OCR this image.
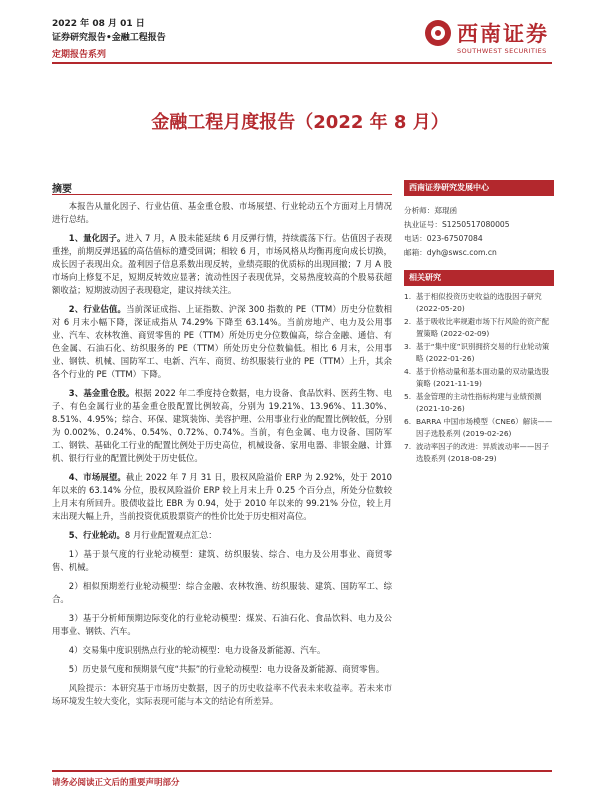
2022 年 08 月 01 日
证券研究报告•金融工程报告
定期报告系列
西南证券
SOUTHWEST SECURITIES
金融工程月度报告（2022 年 8 月）
摘要

本报告从量化因子、行业估值、基金重仓股、市场展望、行业轮动五个方面对上月情况进行总结。

1、量化因子。进入 7 月，A 股未能延续 6 月反弹行情，持续震荡下行。估值因子表现重挫，前期反弹迅猛的高估值标的遭受回调；相较 6 月，市场风格从均衡再度向成长切换，成长因子表现出众。盈利因子信息系数出现反转，业绩亮眼的优质标的出现回撤；7 月 A 股市场向上修复不足，短期反转效应显著；流动性因子表现优异，交易热度较高的个股易获超额收益；短期波动因子表现稳定，建议持续关注。

2、行业估值。当前深证成指、上证指数、沪深 300 指数的 PE（TTM）历史分位数相对 6 月末小幅下降，深证成指从 74.29% 下降至 63.14%。当前房地产、电力及公用事业、汽车、农林牧渔、商贸零售的 PE（TTM）所处历史分位数偏高，综合金融、通信、有色金属、石油石化、纺织服务的 PE（TTM）所处历史分位数偏低。相比 6 月末，公用事业、钢铁、机械、国防军工、电新、汽车、商贸、纺织服装行业的 PE（TTM）上升，其余各个行业的 PE（TTM）下降。

3、基金重仓股。根据 2022 年二季度持仓数据，电力设备、食品饮料、医药生物、电子、有色金属行业的基金重仓股配置比例较高，分别为 19.21%、13.96%、11.30%、8.51%、4.95%；综合、环保、建筑装饰、美容护理、公用事业行业的配置比例较低，分别为 0.002%、0.24%、0.54%、0.72%、0.74%。当前，有色金属、电力设备、国防军工、钢铁、基础化工行业的配置比例处于历史高位，机械设备、家用电器、非银金融、计算机、银行行业的配置比例处于历史低位。

4、市场展望。截止 2022 年 7 月 31 日，股权风险溢价 ERP 为 2.92%，处于 2010 年以来的 63.14% 分位，股权风险溢价 ERP 较上月末上升 0.25 个百分点，所处分位数较上月末有所回升。股债收益比 EBR 为 0.94，处于 2010 年以来的 99.21% 分位，较上月末出现大幅上升，当前投资优质股票资产的性价比处于历史相对高位。

5、行业轮动。8 月行业配置观点汇总：

1）基于景气度的行业轮动模型：建筑、纺织服装、综合、电力及公用事业、商贸零售、机械。

2）相似预期差行业轮动模型：综合金融、农林牧渔、纺织服装、建筑、国防军工、综合。

3）基于分析师预期边际变化的行业轮动模型：煤炭、石油石化、食品饮料、电力及公用事业、钢铁、汽车。

4）交易集中度识别热点行业的轮动模型：电力设备及新能源、汽车。

5）历史景气度和预期景气度“共振”的行业轮动模型：电力设备及新能源、商贸零售。

风险提示：本研究基于市场历史数据，因子的历史收益率不代表未来收益率。若未来市场环境发生较大变化，实际表现可能与本文的结论有所差异。

西南证券研究发展中心
分析师：郑琨函
执业证号：S1250517080005
电话：023-67507084
邮箱：dyh@swsc.com.cn
相关研究
1. 基于相似投资历史收益的选股因子研究 (2022-05-20)
2. 基于吸收比率规避市场下行风险的资产配置策略 (2022-02-09)
3. 基于“集中度”识别拥挤交易的行业轮动策略 (2022-01-26)
4. 基于价格动量和基本面动量的双动量选股策略 (2021-11-19)
5. 基金管理的主动性指标构建与业绩预测 (2021-10-26)
6. BARRA 中国市场模型（CNE6）解读——因子选股系列 (2019-02-26)
7. 波动率因子的改进：异质波动率——因子选股系列 (2018-08-29)
请务必阅读正文后的重要声明部分
